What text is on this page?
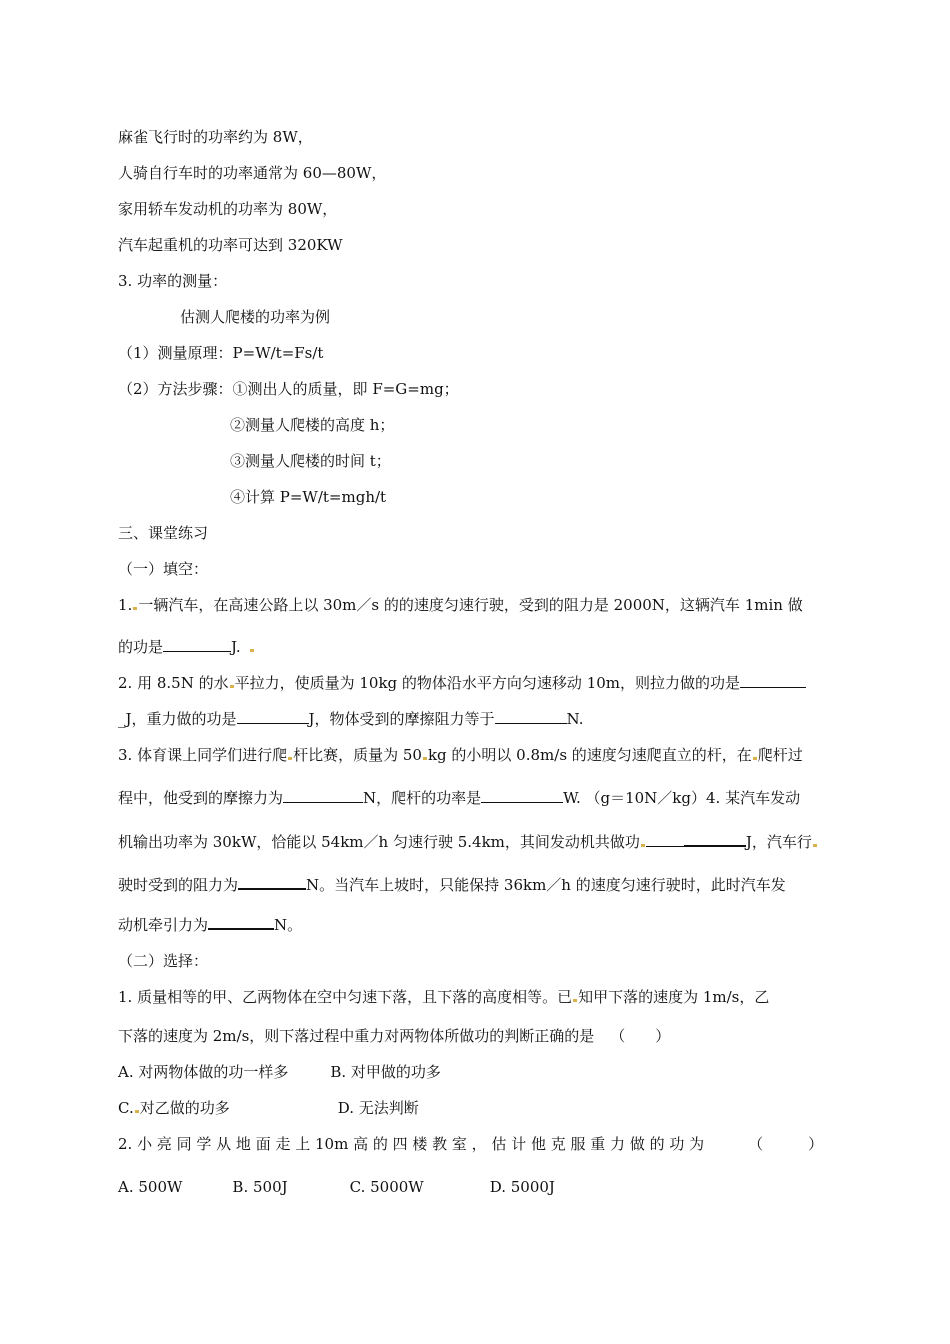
麻雀飞行时的功率约为 8W，
人骑自行车时的功率通常为 60—80W，
家用轿车发动机的功率为 80W，
汽车起重机的功率可达到 320KW
3. 功率的测量：
估测人爬楼的功率为例
（1）测量原理：P=W/t=Fs/t
（2）方法步骤：①测出人的质量，即 F=G=mg；
②测量人爬楼的高度 h；
③测量人爬楼的时间 t；
④计算 P=W/t=mgh/t
三、课堂练习
（一）填空：
1. 一辆汽车，在高速公路上以 30m／s 的的速度匀速行驶，受到的阻力是 2000N，这辆汽车 1min 做
的功是	J.
2. 用 8.5N 的水 平拉力，使质量为 10kg 的物体沿水平方向匀速移动 10m，则拉力做的功是
_J，重力做的功是	J，物体受到的摩擦阻力等于	N.
3. 体育课上同学们进行爬 杆比赛，质量为 50 kg 的小明以 0.8m/s 的速度匀速爬直立的杆，在 爬杆过
程中，他受到的摩擦力为	N，爬杆的功率是	W. （g＝10N／kg）4. 某汽车发动
机输出功率为 30kW，恰能以 54km／h 匀速行驶 5.4km，其间发动机共做功	J，汽车行
驶时受到的阻力为	N。当汽车上坡时，只能保持 36km／h 的速度匀速行驶时，此时汽车发
动机牵引力为	N。
（二）选择：
1. 质量相等的甲、乙两物体在空中匀速下落，且下落的高度相等。已 知甲下落的速度为 1m/s，乙
下落的速度为 2m/s，则下落过程中重力对两物体所做功的判断正确的是 （　　）
A. 对两物体做的功一样多	B. 对甲做的功多
C. 对乙做的功多	D. 无法判断
2. 小 亮 同 学 从 地 面 走 上 10m 高 的 四 楼 教 室 ， 估 计 他 克 服 重 力 做 的 功 为	（　　　）
A. 500W	B. 500J	C. 5000W	D. 5000J
